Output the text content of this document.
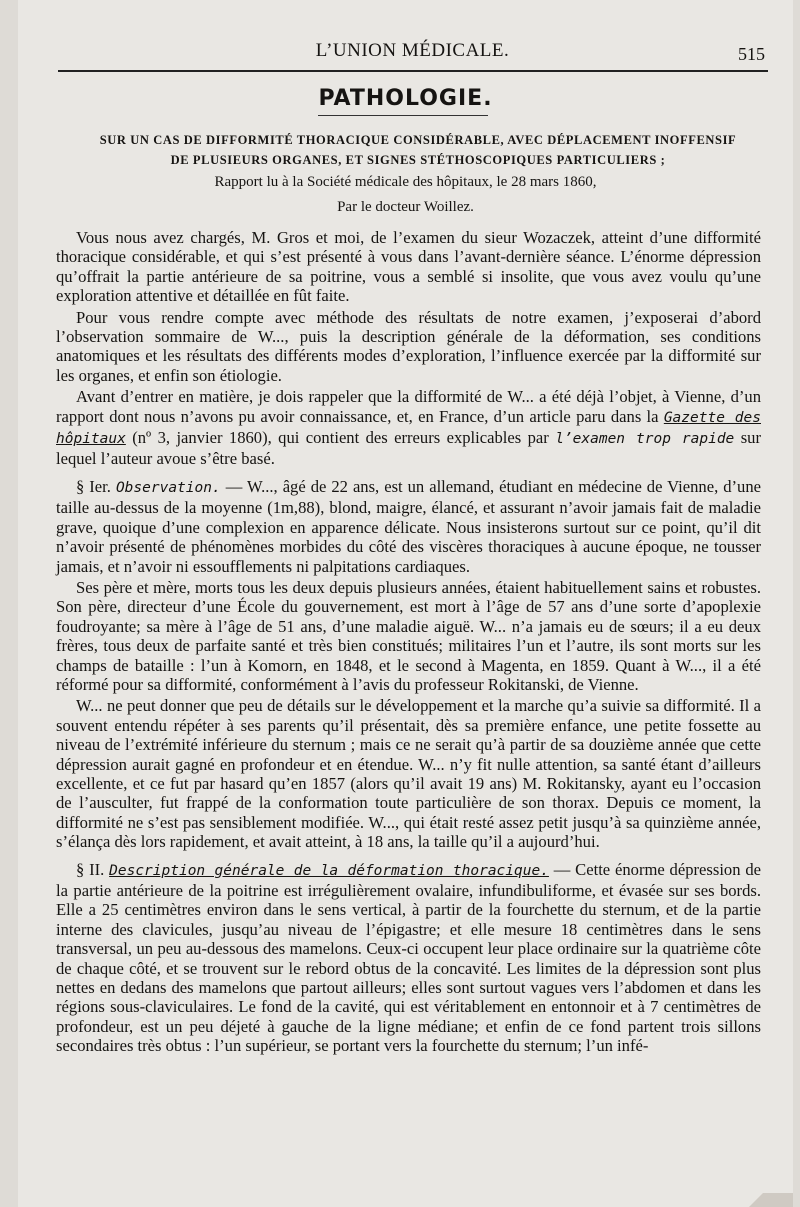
L’UNION MÉDICALE.	515
PATHOLOGIE.
SUR UN CAS DE DIFFORMITÉ THORACIQUE CONSIDÉRABLE, AVEC DÉPLACEMENT INOFFENSIF
DE PLUSIEURS ORGANES, ET SIGNES STÉTHOSCOPIQUES PARTICULIERS ;
Rapport lu à la Société médicale des hôpitaux, le 28 mars 1860,
Par le docteur Woillez.

Vous nous avez chargés, M. Gros et moi, de l’examen du sieur Wozaczek, atteint d’une difformité thoracique considérable, et qui s’est présenté à vous dans l’avant-dernière séance. L’énorme dépression qu’offrait la partie antérieure de sa poitrine, vous a semblé si insolite, que vous avez voulu qu’une exploration attentive et détaillée en fût faite.

Pour vous rendre compte avec méthode des résultats de notre examen, j’exposerai d’abord l’observation sommaire de W..., puis la description générale de la déformation, ses conditions anatomiques et les résultats des différents modes d’exploration, l’influence exercée par la difformité sur les organes, et enfin son étiologie.

Avant d’entrer en matière, je dois rappeler que la difformité de W... a été déjà l’objet, à Vienne, d’un rapport dont nous n’avons pu avoir connaissance, et, en France, d’un article paru dans la Gazette des hôpitaux (nº 3, janvier 1860), qui contient des erreurs explicables par l’examen trop rapide sur lequel l’auteur avoue s’être basé.

§ Ier. Observation. — W..., âgé de 22 ans, est un allemand, étudiant en médecine de Vienne, d’une taille au-dessus de la moyenne (1m,88), blond, maigre, élancé, et assurant n’avoir jamais fait de maladie grave, quoique d’une complexion en apparence délicate. Nous insisterons surtout sur ce point, qu’il dit n’avoir présenté de phénomènes morbides du côté des viscères thoraciques à aucune époque, ne tousser jamais, et n’avoir ni essoufflements ni palpitations cardiaques.

Ses père et mère, morts tous les deux depuis plusieurs années, étaient habituellement sains et robustes. Son père, directeur d’une École du gouvernement, est mort à l’âge de 57 ans d’une sorte d’apoplexie foudroyante; sa mère à l’âge de 51 ans, d’une maladie aiguë. W... n’a jamais eu de sœurs; il a eu deux frères, tous deux de parfaite santé et très bien constitués; militaires l’un et l’autre, ils sont morts sur les champs de bataille : l’un à Komorn, en 1848, et le second à Magenta, en 1859. Quant à W..., il a été réformé pour sa difformité, conformément à l’avis du professeur Rokitanski, de Vienne.

W... ne peut donner que peu de détails sur le développement et la marche qu’a suivie sa difformité. Il a souvent entendu répéter à ses parents qu’il présentait, dès sa première enfance, une petite fossette au niveau de l’extrémité inférieure du sternum ; mais ce ne serait qu’à partir de sa douzième année que cette dépression aurait gagné en profondeur et en étendue. W... n’y fit nulle attention, sa santé étant d’ailleurs excellente, et ce fut par hasard qu’en 1857 (alors qu’il avait 19 ans) M. Rokitansky, ayant eu l’occasion de l’ausculter, fut frappé de la conformation toute particulière de son thorax. Depuis ce moment, la difformité ne s’est pas sensiblement modifiée. W..., qui était resté assez petit jusqu’à sa quinzième année, s’élança dès lors rapidement, et avait atteint, à 18 ans, la taille qu’il a aujourd’hui.

§ II. Description générale de la déformation thoracique. — Cette énorme dépression de la partie antérieure de la poitrine est irrégulièrement ovalaire, infundibuliforme, et évasée sur ses bords. Elle a 25 centimètres environ dans le sens vertical, à partir de la fourchette du sternum, et de la partie interne des clavicules, jusqu’au niveau de l’épigastre; et elle mesure 18 centimètres dans le sens transversal, un peu au-dessous des mamelons. Ceux-ci occupent leur place ordinaire sur la quatrième côte de chaque côté, et se trouvent sur le rebord obtus de la concavité. Les limites de la dépression sont plus nettes en dedans des mamelons que partout ailleurs; elles sont surtout vagues vers l’abdomen et dans les régions sous-claviculaires. Le fond de la cavité, qui est véritablement en entonnoir et à 7 centimètres de profondeur, est un peu déjeté à gauche de la ligne médiane; et enfin de ce fond partent trois sillons secondaires très obtus : l’un supérieur, se portant vers la fourchette du sternum; l’un infé-
